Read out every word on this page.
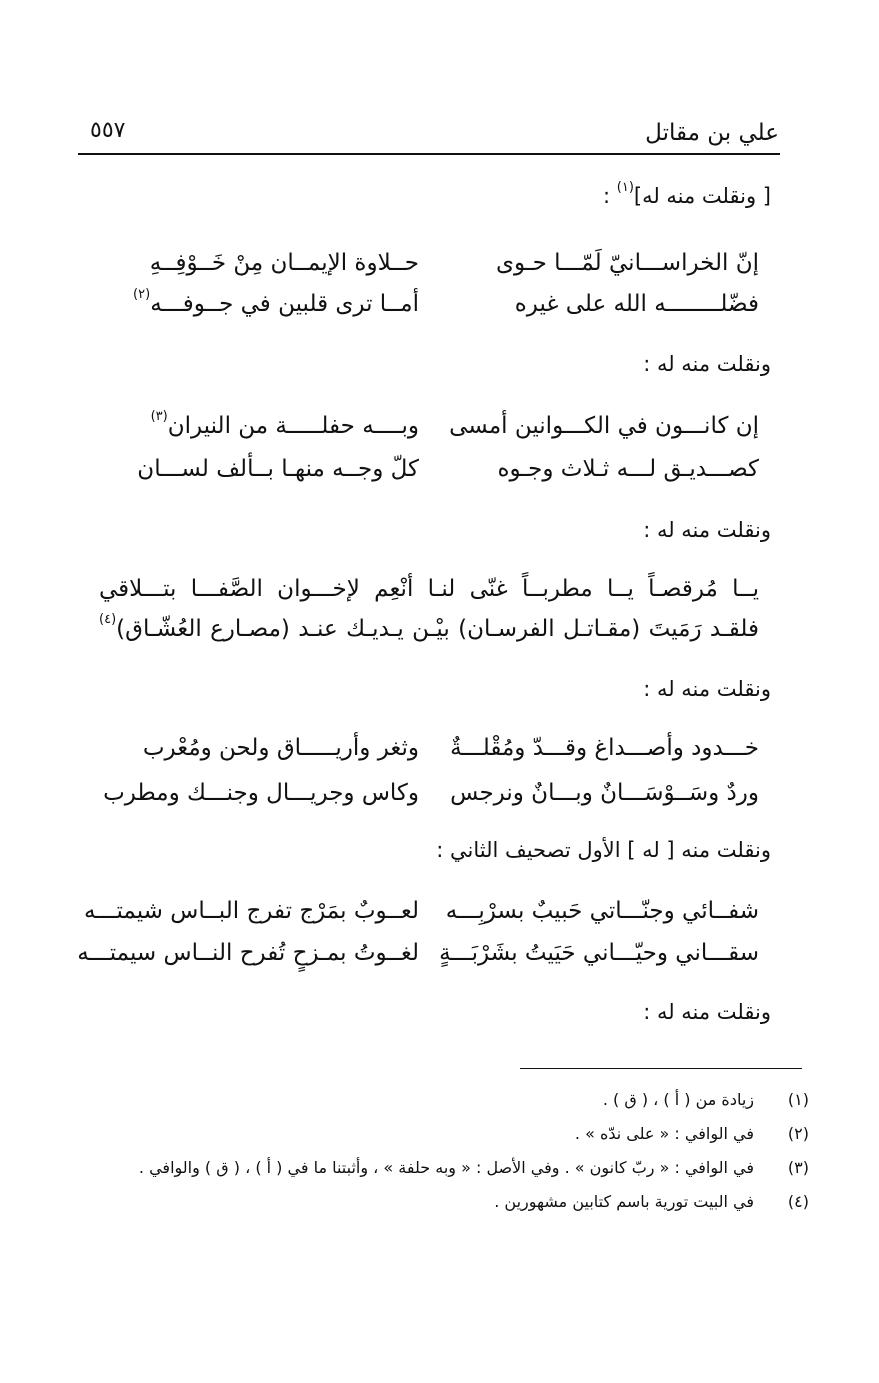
٥٥٧	علي بن مقاتل
[ ونقلت منه له]$^{(١)}$ :
إنّ الخراســـانيّ لَمّـــا حـوى
حــلاوة الإيمــان مِنْ خَــوْفِــهِ
فضّلــــــــه الله على غيره
أمــا ترى قلبين في جــوفـــه$^{(٢)}$
ونقلت منه له :
إن كانـــون في الكـــوانين أمسى
وبــــه حفلـــــة من النيران$^{(٣)}$
كصـــديـق لـــه ثـلاث وجـوه
كلّ وجــه منهـا بــألف لســـان
ونقلت منه له :
يــا مُرقصـاً يــا مطربــاً غنّى لنـا أنْعِم لإخـــوان الصَّفـــا بتـــلاقي
فلقـد رَمَيتَ (مقـاتـل الفرسـان) بيْـن يـديـك عنـد (مصـارع العُشّـاق)$^{(٤)}$
ونقلت منه له :
خـــدود وأصـــداغ وقـــدّ ومُقْلـــةٌ
وثغر وأريـــــاق ولحن ومُعْرب
وردٌ وسَــوْسَـــانٌ وبـــانٌ ونرجس
وكاس وجريـــال وجنـــك ومطرب
ونقلت منه [ له ] الأول تصحيف الثاني :
شفــائي وجنّـــاتي حَبيبٌ بسرْبِـــه
لعــوبٌ بمَرْج تفرج البــاس شيمتـــه
سقـــاني وحيّـــاني حَيَيتُ بشَرْبَـــةٍ
لغــوتُ بمـزحٍ تُفرح النــاس سيمتـــه
ونقلت منه له :
(١)
زيادة من ( أ ) ، ( ق ) .
(٢)
في الوافي : « على ندّه » .
(٣)
في الوافي : « ربّ كانون » . وفي الأصل : « وبه حلفة » ، وأثبتنا ما في ( أ ) ، ( ق ) والوافي .
(٤)
في البيت تورية باسم كتابين مشهورين .
